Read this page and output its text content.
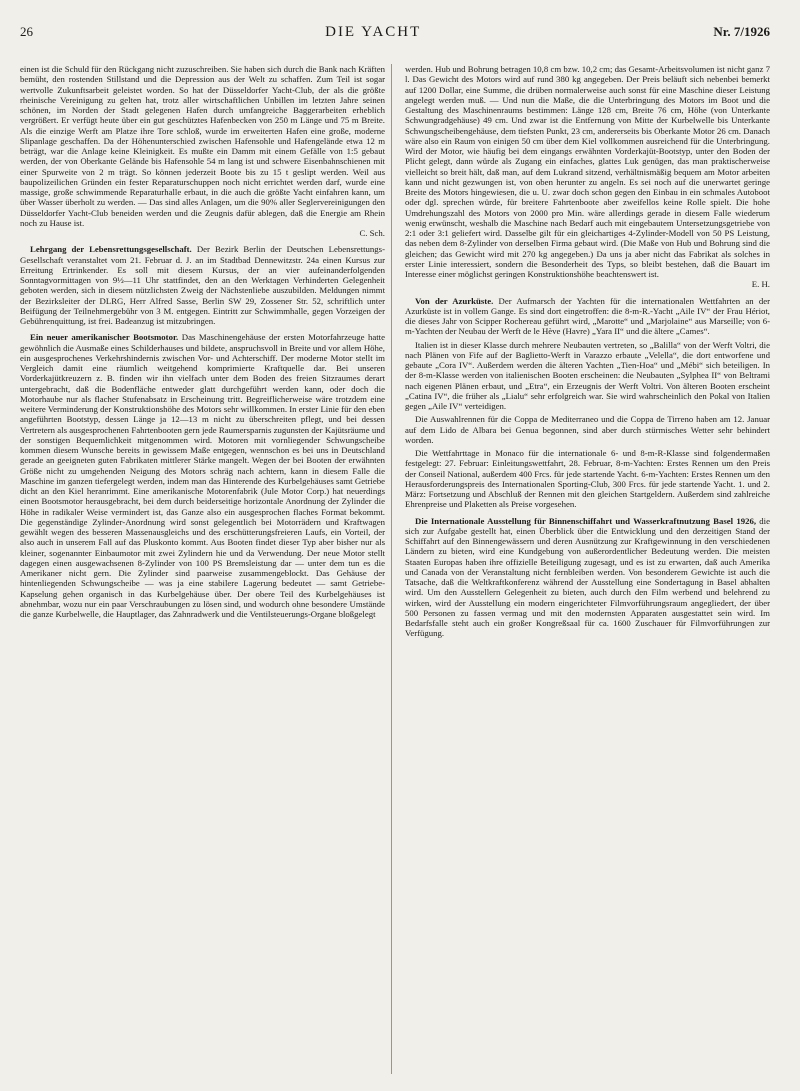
26	DIE YACHT	Nr. 7/1926

einen ist die Schuld für den Rückgang nicht zuzuschreiben. Sie haben sich durch die Bank nach Kräften bemüht, den rostenden Stillstand und die Depression aus der Welt zu schaffen. Zum Teil ist sogar wertvolle Zukunftsarbeit geleistet worden. So hat der Düsseldorfer Yacht-Club, der als die größte rheinische Vereinigung zu gelten hat, trotz aller wirtschaftlichen Unbillen im letzten Jahre seinen schönen, im Norden der Stadt gelegenen Hafen durch umfangreiche Baggerarbeiten erheblich vergrößert. Er verfügt heute über ein gut geschütztes Hafenbecken von 250 m Länge und 75 m Breite. Als die einzige Werft am Platze ihre Tore schloß, wurde im erweiterten Hafen eine große, moderne Slipanlage geschaffen. Da der Höhenunterschied zwischen Hafensohle und Hafengelände etwa 12 m beträgt, war die Anlage keine Kleinigkeit. Es mußte ein Damm mit einem Gefälle von 1:5 gebaut werden, der von Oberkante Gelände bis Hafensohle 54 m lang ist und schwere Eisenbahnschienen mit einer Spurweite von 2 m trägt. So können jederzeit Boote bis zu 15 t geslipt werden. Weil aus baupolizeilichen Gründen ein fester Reparaturschuppen noch nicht errichtet werden darf, wurde eine massige, große schwimmende Reparaturhalle erbaut, in die auch die größte Yacht einfahren kann, um über Wasser überholt zu werden. — Das sind alles Anlagen, um die 90% aller Seglervereinigungen den Düsseldorfer Yacht-Club beneiden werden und die Zeugnis dafür ablegen, daß die Energie am Rhein noch zu Hause ist.
C. Sch.

Lehrgang der Lebensrettungsgesellschaft. Der Bezirk Berlin der Deutschen Lebensrettungs-Gesellschaft veranstaltet vom 21. Februar d. J. an im Stadtbad Dennewitzstr. 24a einen Kursus zur Erreitung Ertrinkender. Es soll mit diesem Kursus, der an vier aufeinanderfolgenden Sonntagvormittagen von 9½—11 Uhr stattfindet, den an den Werktagen Verhinderten Gelegenheit geboten werden, sich in diesem nützlichsten Zweig der Nächstenliebe auszubilden. Meldungen nimmt der Bezirksleiter der DLRG, Herr Alfred Sasse, Berlin SW 29, Zossener Str. 52, schriftlich unter Beifügung der Teilnehmergebühr von 3 M. entgegen. Eintritt zur Schwimmhalle, gegen Vorzeigen der Gebührenquittung, ist frei. Badeanzug ist mitzubringen.

Ein neuer amerikanischer Bootsmotor. Das Maschinengehäuse der ersten Motorfahrzeuge hatte gewöhnlich die Ausmaße eines Schilderhauses und bildete, anspruchsvoll in Breite und vor allem Höhe, ein ausgesprochenes Verkehrshindernis zwischen Vor- und Achterschiff. Der moderne Motor stellt im Vergleich damit eine räumlich weitgehend komprimierte Kraftquelle dar. Bei unseren Vorderkajütkreuzern z. B. finden wir ihn vielfach unter dem Boden des freien Sitzraumes derart untergebracht, daß die Bodenfläche entweder glatt durchgeführt werden kann, oder doch die Motorhaube nur als flacher Stufenabsatz in Erscheinung tritt. Begreiflicherweise wäre trotzdem eine weitere Verminderung der Konstruktionshöhe des Motors sehr willkommen. In erster Linie für den eben angeführten Bootstyp, dessen Länge ja 12—13 m nicht zu überschreiten pflegt, und bei dessen Vertretern als ausgesprochenen Fahrtenbooten gern jede Raumersparnis zugunsten der Kajütsräume und der sonstigen Bequemlichkeit mitgenommen wird. Motoren mit vornliegender Schwungscheibe kommen diesem Wunsche bereits in gewissem Maße entgegen, wennschon es bei uns in Deutschland gerade an geeigneten guten Fabrikaten mittlerer Stärke mangelt. Wegen der bei Booten der erwähnten Größe nicht zu umgehenden Neigung des Motors schräg nach achtern, kann in diesem Falle die Maschine im ganzen tiefergelegt werden, indem man das Hinterende des Kurbelgehäuses samt Getriebe dicht an den Kiel heranrimmt. Eine amerikanische Motorenfabrik (Jule Motor Corp.) hat neuerdings einen Bootsmotor herausgebracht, bei dem durch beiderseitige horizontale Anordnung der Zylinder die Höhe in radikaler Weise vermindert ist, das Ganze also ein ausgesprochen flaches Format bekommt. Die gegenständige Zylinder-Anordnung wird sonst gelegentlich bei Motorrädern und Kraftwagen gewählt wegen des besseren Massenausgleichs und des erschütterungsfreieren Laufs, ein Vorteil, der also auch in unserem Fall auf das Pluskonto kommt. Aus Booten findet dieser Typ aber bisher nur als kleiner, sogenannter Einbaumotor mit zwei Zylindern hie und da Verwendung. Der neue Motor stellt dagegen einen ausgewachsenen 8-Zylinder von 100 PS Bremsleistung dar — unter dem tun es die Amerikaner nicht gern. Die Zylinder sind paarweise zusammengeblockt. Das Gehäuse der hintenliegenden Schwungscheibe — was ja eine stabilere Lagerung bedeutet — samt Getriebe-Kapselung gehen organisch in das Kurbelgehäuse über. Der obere Teil des Kurbelgehäuses ist abnehmbar, wozu nur ein paar Verschraubungen zu lösen sind, und wodurch ohne besondere Umstände die ganze Kurbelwelle, die Hauptlager, das Zahnradwerk und die Ventilsteuerungs-Organe bloßgelegt

werden. Hub und Bohrung betragen 10,8 cm bzw. 10,2 cm; das Gesamt-Arbeitsvolumen ist nicht ganz 7 l. Das Gewicht des Motors wird auf rund 380 kg angegeben. Der Preis beläuft sich nebenbei bemerkt auf 1200 Dollar, eine Summe, die drüben normalerweise auch sonst für eine Maschine dieser Leistung angelegt werden muß. — Und nun die Maße, die die Unterbringung des Motors im Boot und die Gestaltung des Maschinenraums bestimmen: Länge 128 cm, Breite 76 cm, Höhe (von Unterkante Schwungradgehäuse) 49 cm. Und zwar ist die Entfernung von Mitte der Kurbelwelle bis Unterkante Schwungscheibengehäuse, dem tiefsten Punkt, 23 cm, andererseits bis Oberkante Motor 26 cm. Danach wäre also ein Raum von einigen 50 cm über dem Kiel vollkommen ausreichend für die Unterbringung. Wird der Motor, wie häufig bei dem eingangs erwähnten Vorderkajüt-Bootstyp, unter den Boden der Plicht gelegt, dann würde als Zugang ein einfaches, glattes Luk genügen, das man praktischerweise vielleicht so breit hält, daß man, auf dem Lukrand sitzend, verhältnismäßig bequem am Motor arbeiten kann und nicht gezwungen ist, von oben herunter zu angeln. Es sei noch auf die unerwartet geringe Breite des Motors hingewiesen, die u. U. zwar doch schon gegen den Einbau in ein schmales Autoboot oder dgl. sprechen würde, für breitere Fahrtenboote aber zweifellos keine Rolle spielt. Die hohe Umdrehungszahl des Motors von 2000 pro Min. wäre allerdings gerade in diesem Falle wiederum wenig erwünscht, weshalb die Maschine nach Bedarf auch mit eingebautem Untersetzungsgetriebe von 2:1 oder 3:1 geliefert wird. Dasselbe gilt für ein gleichartiges 4-Zylinder-Modell von 50 PS Leistung, das neben dem 8-Zylinder von derselben Firma gebaut wird. (Die Maße von Hub und Bohrung sind die gleichen; das Gewicht wird mit 270 kg angegeben.) Da uns ja aber nicht das Fabrikat als solches in erster Linie interessiert, sondern die Besonderheit des Typs, so bleibt bestehen, daß die Bauart im Interesse einer möglichst geringen Konstruktionshöhe beachtenswert ist.
E. H.

Von der Azurküste. Der Aufmarsch der Yachten für die internationalen Wettfahrten an der Azurküste ist in vollem Gange. Es sind dort eingetroffen: die 8-m-R.-Yacht „Aile IV“ der Frau Hériot, die dieses Jahr von Scipper Rochereau geführt wird, „Marotte“ und „Marjolaine“ aus Marseille; von 6-m-Yachten der Neubau der Werft de le Hève (Havre) „Yara II“ und die ältere „Cames“.

Italien ist in dieser Klasse durch mehrere Neubauten vertreten, so „Balilla“ von der Werft Voltri, die nach Plänen von Fife auf der Baglietto-Werft in Varazzo erbaute „Velella“, die dort entworfene und gebaute „Cora IV“. Außerdem werden die älteren Yachten „Tien-Hoa“ und „Mébi“ sich beteiligen. In der 8-m-Klasse werden von italienischen Booten erscheinen: die Neubauten „Sylphea II“ von Beltrami nach eigenen Plänen erbaut, und „Etra“, ein Erzeugnis der Werft Voltri. Von älteren Booten erscheint „Catina IV“, die früher als „Lialu“ sehr erfolgreich war. Sie wird wahrscheinlich den Pokal von Italien gegen „Aile IV“ verteidigen.

Die Auswahlrennen für die Coppa de Mediterraneo und die Coppa de Tirreno haben am 12. Januar auf dem Lido de Albara bei Genua begonnen, sind aber durch stürmisches Wetter sehr behindert worden.

Die Wettfahrttage in Monaco für die internationale 6- und 8-m-R-Klasse sind folgendermaßen festgelegt: 27. Februar: Einleitungswettfahrt, 28. Februar, 8-m-Yachten: Erstes Rennen um den Preis der Conseil National, außerdem 400 Frcs. für jede startende Yacht. 6-m-Yachten: Erstes Rennen um den Herausforderungspreis des Internationalen Sporting-Club, 300 Frcs. für jede startende Yacht. 1. und 2. März: Fortsetzung und Abschluß der Rennen mit den gleichen Startgeldern. Außerdem sind zahlreiche Ehrenpreise und Plaketten als Preise vorgesehen.

Die Internationale Ausstellung für Binnenschiffahrt und Wasserkraftnutzung Basel 1926, die sich zur Aufgabe gestellt hat, einen Überblick über die Entwicklung und den derzeitigen Stand der Schiffahrt auf den Binnengewässern und deren Ausnützung zur Kraftgewinnung in den verschiedenen Ländern zu bieten, wird eine Kundgebung von außerordentlicher Bedeutung werden. Die meisten Staaten Europas haben ihre offizielle Beteiligung zugesagt, und es ist zu erwarten, daß auch Amerika und Canada von der Veranstaltung nicht fernbleiben werden. Von besonderem Gewichte ist auch die Tatsache, daß die Weltkraftkonferenz während der Ausstellung eine Sondertagung in Basel abhalten wird. Um den Ausstellern Gelegenheit zu bieten, auch durch den Film werbend und belehrend zu wirken, wird der Ausstellung ein modern eingerichteter Filmvorführungsraum angegliedert, der über 500 Personen zu fassen vermag und mit den modernsten Apparaten ausgestattet sein wird. Im Bedarfsfalle steht auch ein großer Kongreßsaal für ca. 1600 Zuschauer für Filmvorführungen zur Verfügung.
